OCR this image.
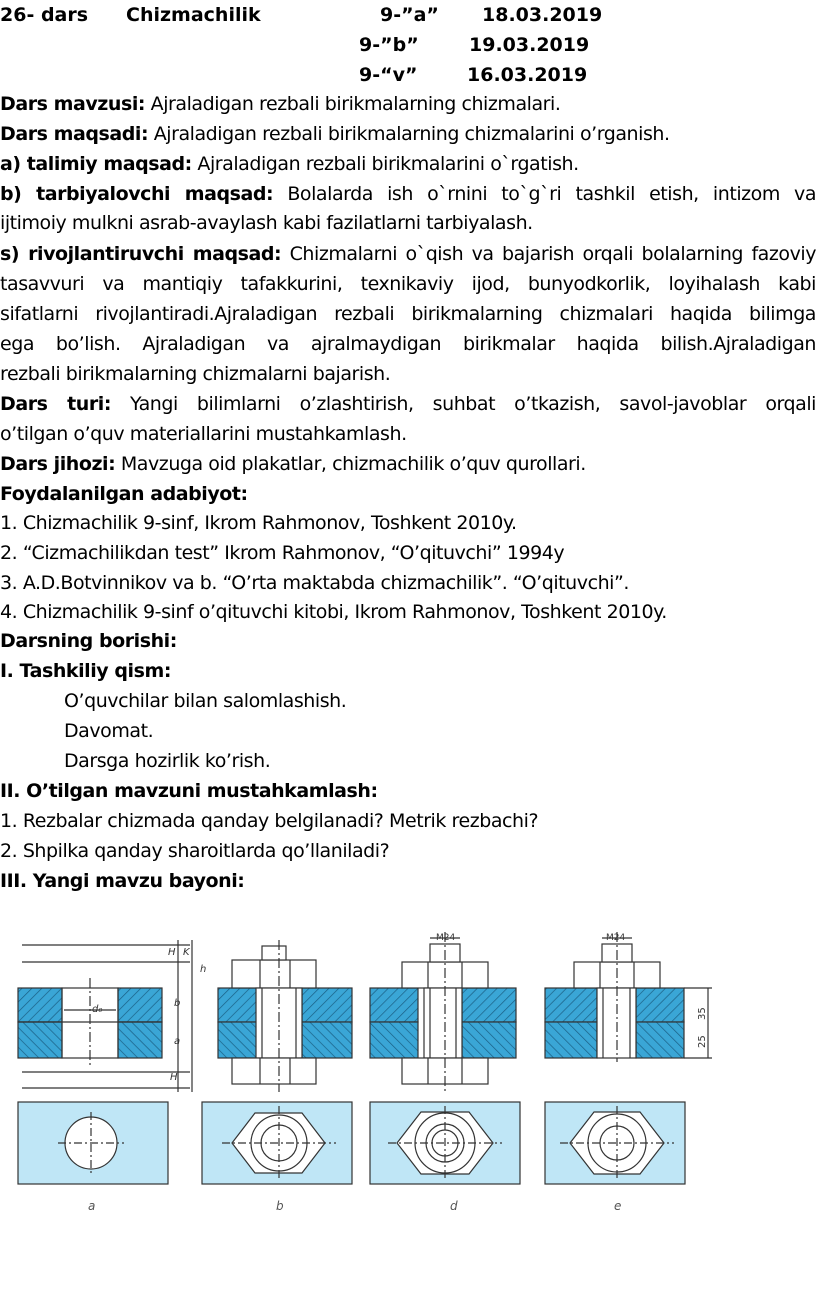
26- dars Chizmachilik	9-”a” 18.03.2019
9-”b”	19.03.2019
9-“v”	16.03.2019
Dars mavzusi: Ajraladigan rezbali birikmalarning chizmalari.
Dars maqsadi: Ajraladigan rezbali birikmalarning chizmalarini o’rganish.
a) talimiy maqsad: Ajraladigan rezbali birikmalarini o`rgatish.
b) tarbiyalovchi maqsad: Bolalarda ish o`rnini to`g`ri tashkil etish, intizom va
ijtimoiy mulkni asrab-avaylash kabi fazilatlarni tarbiyalash.
s) rivojlantiruvchi maqsad: Chizmalarni o`qish va bajarish orqali bolalarning fazoviy
tasavvuri va mantiqiy tafakkurini, texnikaviy ijod, bunyodkorlik, loyihalash kabi
sifatlarni rivojlantiradi.Ajraladigan rezbali birikmalarning chizmalari haqida bilimga
ega bo’lish. Ajraladigan va ajralmaydigan birikmalar haqida bilish.Ajraladigan
rezbali birikmalarning chizmalarni bajarish.
Dars turi: Yangi bilimlarni o’zlashtirish, suhbat o’tkazish, savol-javoblar orqali
o’tilgan o’quv materiallarini mustahkamlash.
Dars jihozi: Mavzuga oid plakatlar, chizmachilik o’quv qurollari.
Foydalanilgan adabiyot:
1. Chizmachilik 9-sinf, Ikrom Rahmonov, Toshkent 2010y.
2. “Cizmachilikdan test” Ikrom Rahmonov, “O’qituvchi” 1994y
3. A.D.Botvinnikov va b. “O’rta maktabda chizmachilik”. “O’qituvchi”.
4. Chizmachilik 9-sinf o’qituvchi kitobi, Ikrom Rahmonov, Toshkent 2010y.
Darsning borishi:
I. Tashkiliy qism:
O’quvchilar bilan salomlashish.
Davomat.
Darsga hozirlik ko’rish.
II. O’tilgan mavzuni mustahkamlash:
1. Rezbalar chizmada qanday belgilanadi? Metrik rezbachi?
2. Shpilka qanday sharoitlarda qo’llaniladi?
III. Yangi mavzu bayoni:
d₀
H K
h
b
a
H
M24	M24
35
25
a	b	d	e
